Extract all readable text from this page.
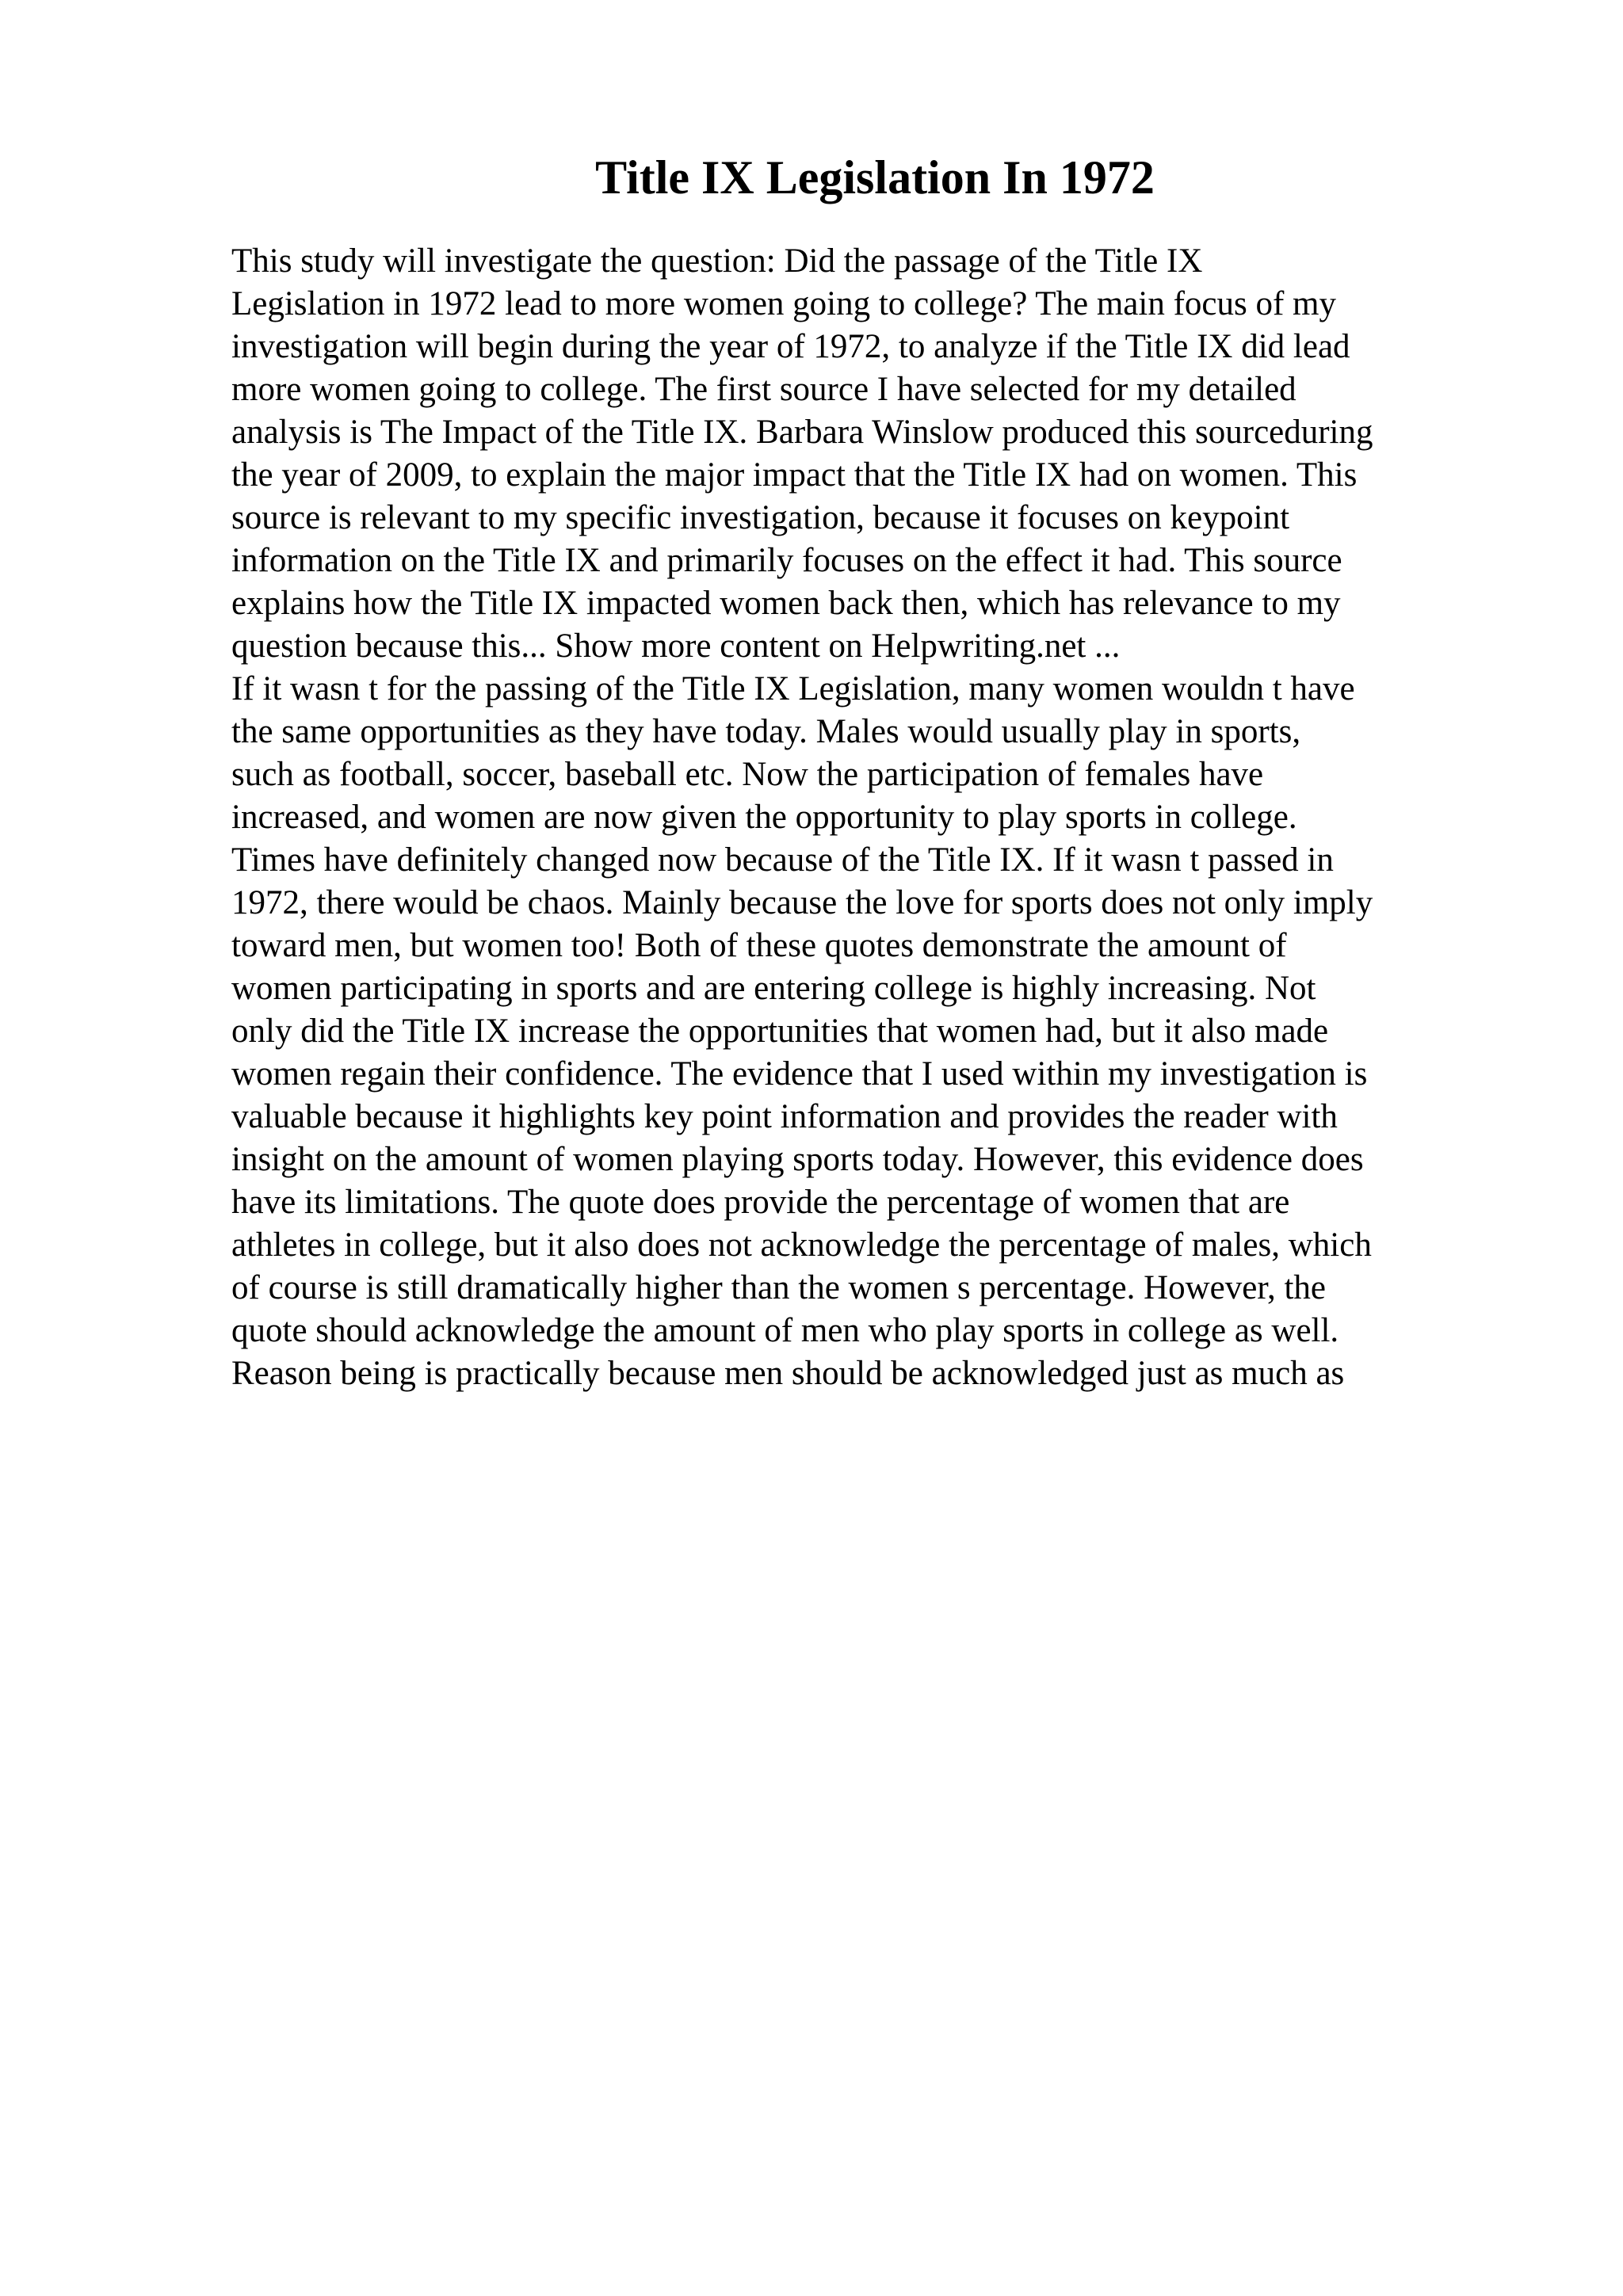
Title IX Legislation In 1972
This study will investigate the question: Did the passage of the Title IX
Legislation in 1972 lead to more women going to college? The main focus of my
investigation will begin during the year of 1972, to analyze if the Title IX did lead
more women going to college. The first source I have selected for my detailed
analysis is The Impact of the Title IX. Barbara Winslow produced this sourceduring
the year of 2009, to explain the major impact that the Title IX had on women. This
source is relevant to my specific investigation, because it focuses on keypoint
information on the Title IX and primarily focuses on the effect it had. This source
explains how the Title IX impacted women back then, which has relevance to my
question because this... Show more content on Helpwriting.net ...
If it wasn t for the passing of the Title IX Legislation, many women wouldn t have
the same opportunities as they have today. Males would usually play in sports,
such as football, soccer, baseball etc. Now the participation of females have
increased, and women are now given the opportunity to play sports in college.
Times have definitely changed now because of the Title IX. If it wasn t passed in
1972, there would be chaos. Mainly because the love for sports does not only imply
toward men, but women too! Both of these quotes demonstrate the amount of
women participating in sports and are entering college is highly increasing. Not
only did the Title IX increase the opportunities that women had, but it also made
women regain their confidence. The evidence that I used within my investigation is
valuable because it highlights key point information and provides the reader with
insight on the amount of women playing sports today. However, this evidence does
have its limitations. The quote does provide the percentage of women that are
athletes in college, but it also does not acknowledge the percentage of males, which
of course is still dramatically higher than the women s percentage. However, the
quote should acknowledge the amount of men who play sports in college as well.
Reason being is practically because men should be acknowledged just as much as
